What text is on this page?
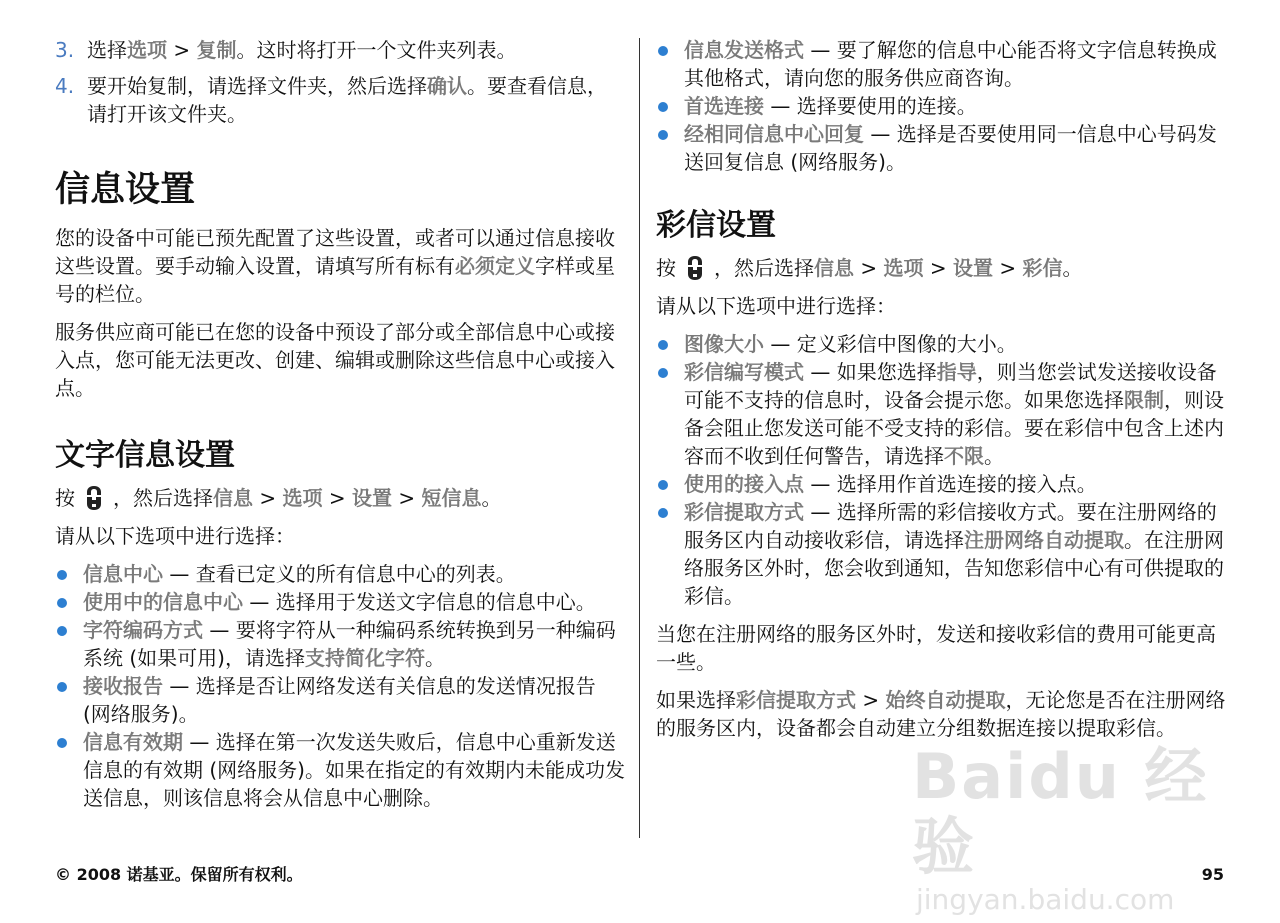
3. 选择选项 > 复制。这时将打开一个文件夹列表。

4. 要开始复制，请选择文件夹，然后选择确认。要查看信息，请打开该文件夹。

信息设置

您的设备中可能已预先配置了这些设置，或者可以通过信息接收这些设置。要手动输入设置，请填写所有标有必须定义字样或星号的栏位。

服务供应商可能已在您的设备中预设了部分或全部信息中心或接入点，您可能无法更改、创建、编辑或删除这些信息中心或接入点。

文字信息设置

按 ，然后选择信息 > 选项 > 设置 > 短信息。

请从以下选项中进行选择：

信息中心 — 查看已定义的所有信息中心的列表。
使用中的信息中心 — 选择用于发送文字信息的信息中心。
字符编码方式 — 要将字符从一种编码系统转换到另一种编码系统 (如果可用)，请选择支持简化字符。
接收报告 — 选择是否让网络发送有关信息的发送情况报告 (网络服务)。
信息有效期 — 选择在第一次发送失败后，信息中心重新发送信息的有效期 (网络服务)。如果在指定的有效期内未能成功发送信息，则该信息将会从信息中心删除。
信息发送格式 — 要了解您的信息中心能否将文字信息转换成其他格式，请向您的服务供应商咨询。
首选连接 — 选择要使用的连接。
经相同信息中心回复 — 选择是否要使用同一信息中心号码发送回复信息 (网络服务)。
彩信设置

按 ，然后选择信息 > 选项 > 设置 > 彩信。

请从以下选项中进行选择：

图像大小 — 定义彩信中图像的大小。
彩信编写模式 — 如果您选择指导，则当您尝试发送接收设备可能不支持的信息时，设备会提示您。如果您选择限制，则设备会阻止您发送可能不受支持的彩信。要在彩信中包含上述内容而不收到任何警告，请选择不限。
使用的接入点 — 选择用作首选连接的接入点。
彩信提取方式 — 选择所需的彩信接收方式。要在注册网络的服务区内自动接收彩信，请选择注册网络自动提取。在注册网络服务区外时，您会收到通知，告知您彩信中心有可供提取的彩信。

当您在注册网络的服务区外时，发送和接收彩信的费用可能更高一些。

如果选择彩信提取方式 > 始终自动提取，无论您是否在注册网络的服务区内，设备都会自动建立分组数据连接以提取彩信。

Baidu 经验
jingyan.baidu.com
© 2008 诺基亚。保留所有权利。	95
